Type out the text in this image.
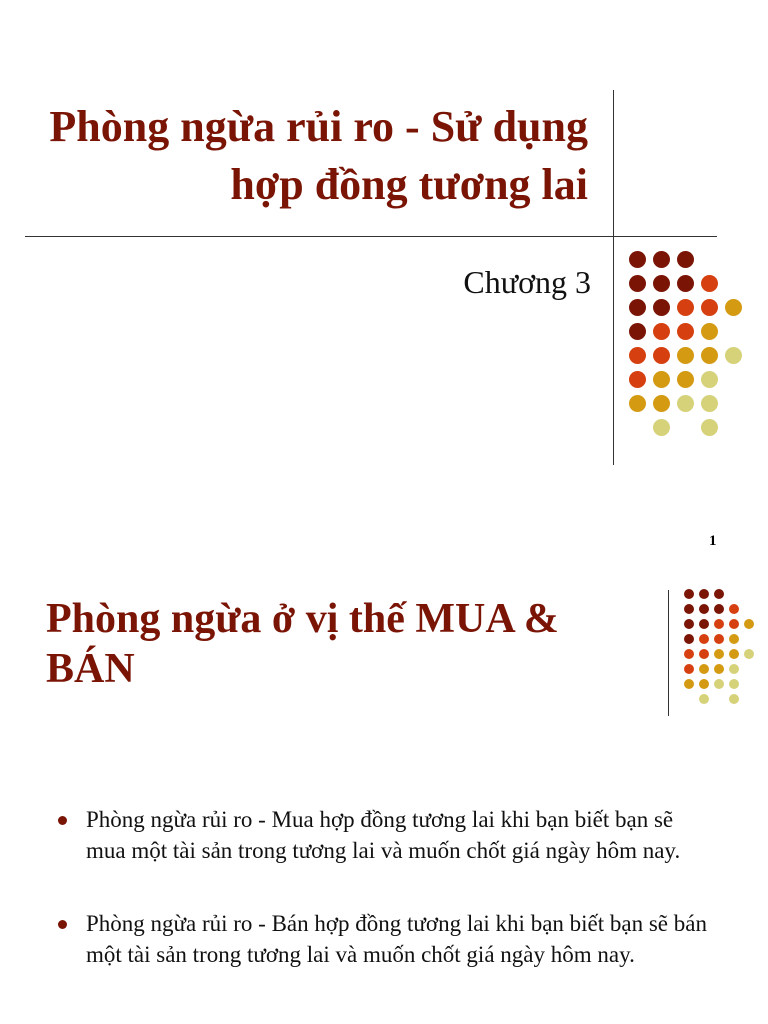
Phòng ngừa rủi ro - Sử dụng hợp đồng tương lai
Chương 3
1
Phòng ngừa ở vị thế MUA & BÁN
Phòng ngừa rủi ro - Mua hợp đồng tương lai khi bạn biết bạn sẽ mua một tài sản trong tương lai và muốn chốt giá ngày hôm nay.
Phòng ngừa rủi ro - Bán hợp đồng tương lai khi bạn biết bạn sẽ bán một tài sản trong tương lai và muốn chốt giá ngày hôm nay.
